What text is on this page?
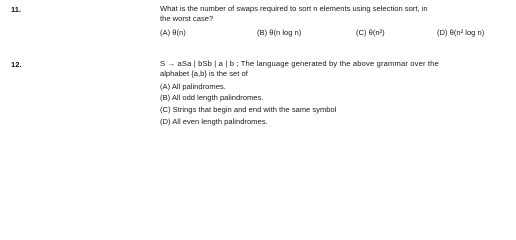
11.	What is the number of swaps required to sort n elements using selection sort, in
the worst case?
(A) θ(n)	(B) θ(n log n)	(C) θ(n²)	(D) θ(n² log n)
12.	S → aSa | bSb | a | b ; The language generated by the above grammar over the
alphabet {a,b} is the set of
(A) All palindromes.
(B) All odd length palindromes.
(C) Strings that begin and end with the same symbol
(D) All even length palindromes.
